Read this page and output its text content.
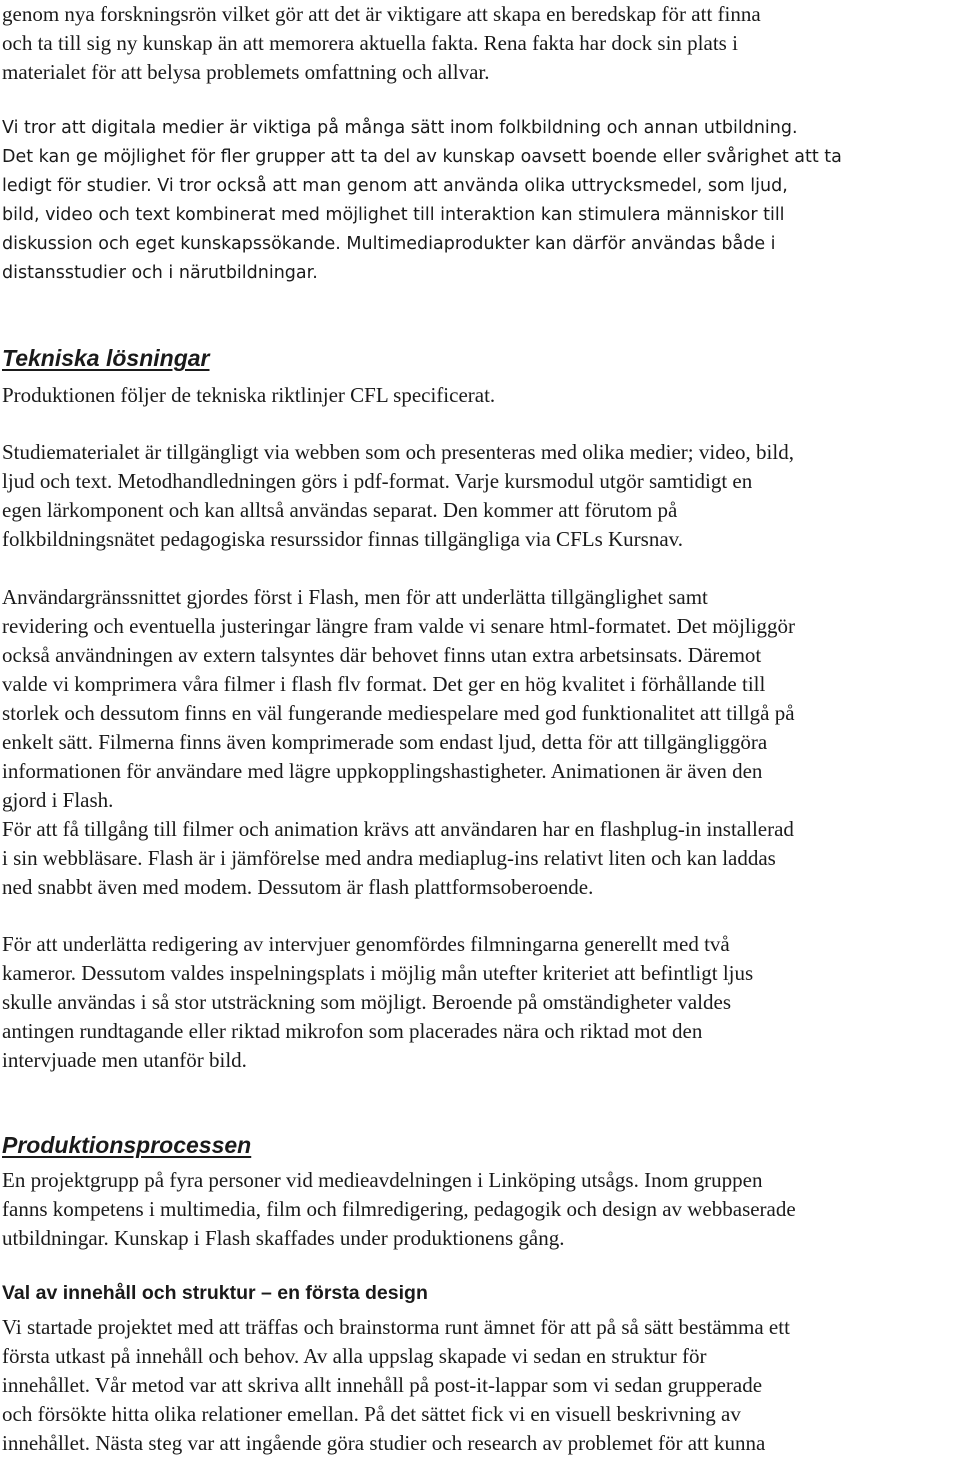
genom nya forskningsrön vilket gör att det är viktigare att skapa en beredskap för att finna
och ta till sig ny kunskap än att memorera aktuella fakta. Rena fakta har dock sin plats i
materialet för att belysa problemets omfattning och allvar.

Vi tror att digitala medier är viktiga på många sätt inom folkbildning och annan utbildning.
Det kan ge möjlighet för fler grupper att ta del av kunskap oavsett boende eller svårighet att ta
ledigt för studier. Vi tror också att man genom att använda olika uttrycksmedel, som ljud,
bild, video och text kombinerat med möjlighet till interaktion kan stimulera människor till
diskussion och eget kunskapssökande. Multimediaprodukter kan därför användas både i
distansstudier och i närutbildningar.

Tekniska lösningar

Produktionen följer de tekniska riktlinjer CFL specificerat.

Studiematerialet är tillgängligt via webben som och presenteras med olika medier; video, bild,
ljud och text. Metodhandledningen görs i pdf-format. Varje kursmodul utgör samtidigt en
egen lärkomponent och kan alltså användas separat. Den kommer att förutom på
folkbildningsnätet pedagogiska resurssidor finnas tillgängliga via CFLs Kursnav.

Användargränssnittet gjordes först i Flash, men för att underlätta tillgänglighet samt
revidering och eventuella justeringar längre fram valde vi senare html-formatet. Det möjliggör
också användningen av extern talsyntes där behovet finns utan extra arbetsinsats. Däremot
valde vi komprimera våra filmer i flash flv format. Det ger en hög kvalitet i förhållande till
storlek och dessutom finns en väl fungerande mediespelare med god funktionalitet att tillgå på
enkelt sätt. Filmerna finns även komprimerade som endast ljud, detta för att tillgängliggöra
informationen för användare med lägre uppkopplingshastigheter. Animationen är även den
gjord i Flash.
För att få tillgång till filmer och animation krävs att användaren har en flashplug-in installerad
i sin webbläsare. Flash är i jämförelse med andra mediaplug-ins relativt liten och kan laddas
ned snabbt även med modem. Dessutom är flash plattformsoberoende.

För att underlätta redigering av intervjuer genomfördes filmningarna generellt med två
kameror. Dessutom valdes inspelningsplats i möjlig mån utefter kriteriet att befintligt ljus
skulle användas i så stor utsträckning som möjligt. Beroende på omständigheter valdes
antingen rundtagande eller riktad mikrofon som placerades nära och riktad mot den
intervjuade men utanför bild.

Produktionsprocessen

En projektgrupp på fyra personer vid medieavdelningen i Linköping utsågs. Inom gruppen
fanns kompetens i multimedia, film och filmredigering, pedagogik och design av webbaserade
utbildningar. Kunskap i Flash skaffades under produktionens gång.

Val av innehåll och struktur – en första design

Vi startade projektet med att träffas och brainstorma runt ämnet för att på så sätt bestämma ett
första utkast på innehåll och behov. Av alla uppslag skapade vi sedan en struktur för
innehållet. Vår metod var att skriva allt innehåll på post-it-lappar som vi sedan grupperade
och försökte hitta olika relationer emellan. På det sättet fick vi en visuell beskrivning av
innehållet. Nästa steg var att ingående göra studier och research av problemet för att kunna
